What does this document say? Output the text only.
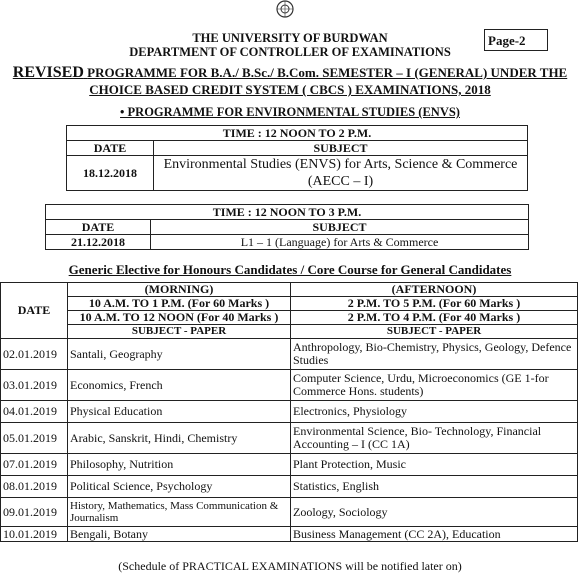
THE UNIVERSITY OF BURDWAN
DEPARTMENT OF CONTROLLER OF EXAMINATIONS
Page-2
REVISED PROGRAMME FOR B.A./ B.Sc./ B.Com. SEMESTER – I (GENERAL) UNDER THE
CHOICE BASED CREDIT SYSTEM ( CBCS ) EXAMINATIONS, 2018
• PROGRAMME FOR ENVIRONMENTAL STUDIES (ENVS)
TIME : 12 NOON TO 2 P.M.	
DATE	SUBJECT
18.12.2018	Environmental Studies (ENVS) for Arts, Science & Commerce (AECC – I)
TIME : 12 NOON TO 3 P.M.	
DATE	SUBJECT
21.12.2018	L1 – 1 (Language) for Arts & Commerce
Generic Elective for Honours Candidates / Core Course for General Candidates
DATE	(MORNING)	(AFTERNOON)
	10 A.M. TO 1 P.M. (For 60 Marks )	2 P.M. TO 5 P.M. (For 60 Marks )
	10 A.M. TO 12 NOON (For 40 Marks )	2 P.M. TO 4 P.M. (For 40 Marks )
	SUBJECT - PAPER	SUBJECT - PAPER
02.01.2019	Santali, Geography	Anthropology, Bio-Chemistry, Physics, Geology, Defence Studies
03.01.2019	Economics, French	Computer Science, Urdu, Microeconomics (GE 1-for Commerce Hons. students)
04.01.2019	Physical Education	Electronics, Physiology
05.01.2019	Arabic, Sanskrit, Hindi, Chemistry	Environmental Science, Bio- Technology, Financial Accounting – I (CC 1A)
07.01.2019	Philosophy, Nutrition	Plant Protection, Music
08.01.2019	Political Science, Psychology	Statistics, English
09.01.2019	History, Mathematics, Mass Communication & Journalism	Zoology, Sociology
10.01.2019	Bengali, Botany	Business Management (CC 2A), Education
(Schedule of PRACTICAL EXAMINATIONS will be notified later on)
